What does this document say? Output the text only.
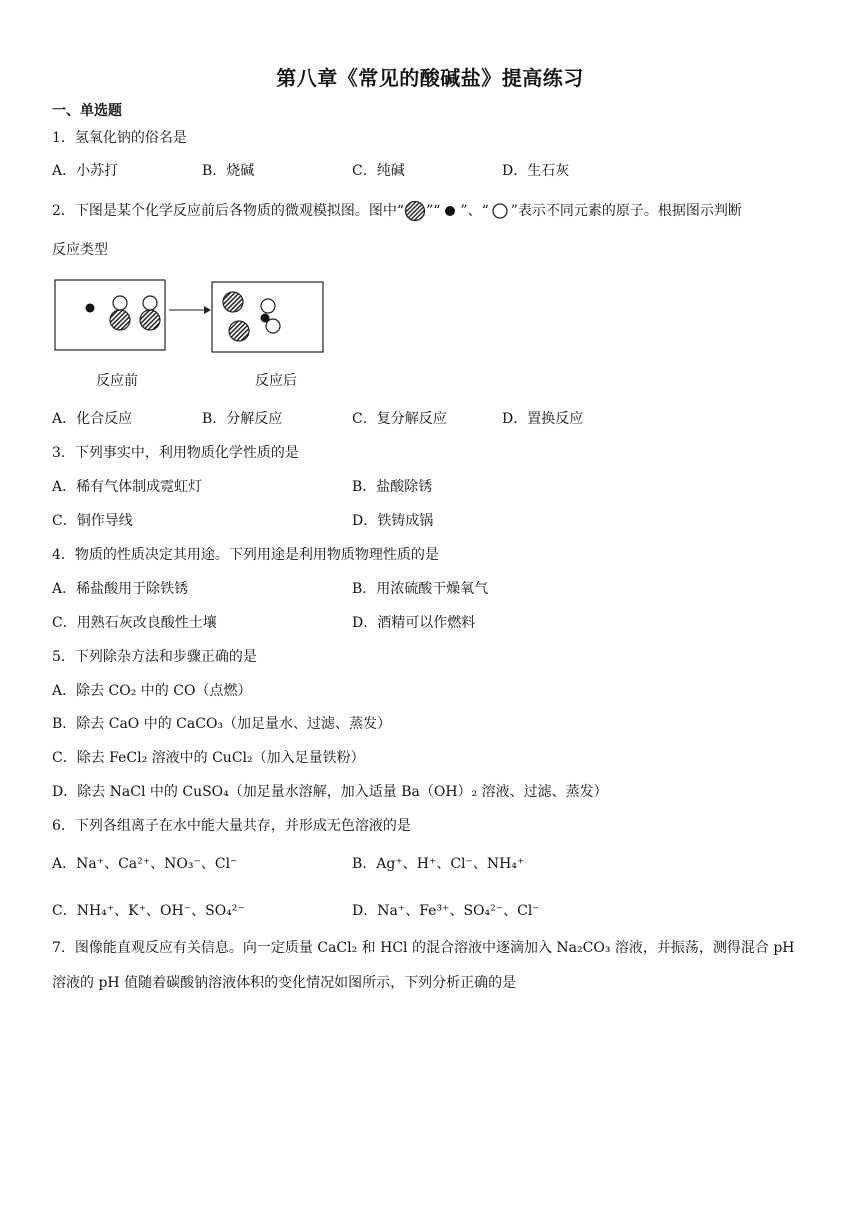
第八章《常见的酸碱盐》提高练习
一、单选题
1．氢氧化钠的俗名是
A．小苏打	B．烧碱	C．纯碱	D．生石灰
2．下图是某个化学反应前后各物质的微观模拟图。图中“ ”“ ”、“ ”表示不同元素的原子。根据图示判断
反应类型
反应前	反应后
A．化合反应	B．分解反应	C．复分解反应	D．置换反应
3．下列事实中，利用物质化学性质的是
A．稀有气体制成霓虹灯	B．盐酸除锈
C．铜作导线	D．铁铸成锅
4．物质的性质决定其用途。下列用途是利用物质物理性质的是
A．稀盐酸用于除铁锈	B．用浓硫酸干燥氧气
C．用熟石灰改良酸性土壤	D．酒精可以作燃料
5．下列除杂方法和步骤正确的是
A．除去 CO₂ 中的 CO（点燃）
B．除去 CaO 中的 CaCO₃（加足量水、过滤、蒸发）
C．除去 FeCl₂ 溶液中的 CuCl₂（加入足量铁粉）
D．除去 NaCl 中的 CuSO₄（加足量水溶解，加入适量 Ba（OH）₂ 溶液、过滤、蒸发）
6．下列各组离子在水中能大量共存，并形成无色溶液的是
A．Na⁺、Ca²⁺、NO₃⁻、Cl⁻	B．Ag⁺、H⁺、Cl⁻、NH₄⁺
C．NH₄⁺、K⁺、OH⁻、SO₄²⁻	D．Na⁺、Fe³⁺、SO₄²⁻、Cl⁻
7．图像能直观反应有关信息。向一定质量 CaCl₂ 和 HCl 的混合溶液中逐滴加入 Na₂CO₃ 溶液，并振荡，测得混合 pH
溶液的 pH 值随着碳酸钠溶液体积的变化情况如图所示，下列分析正确的是
